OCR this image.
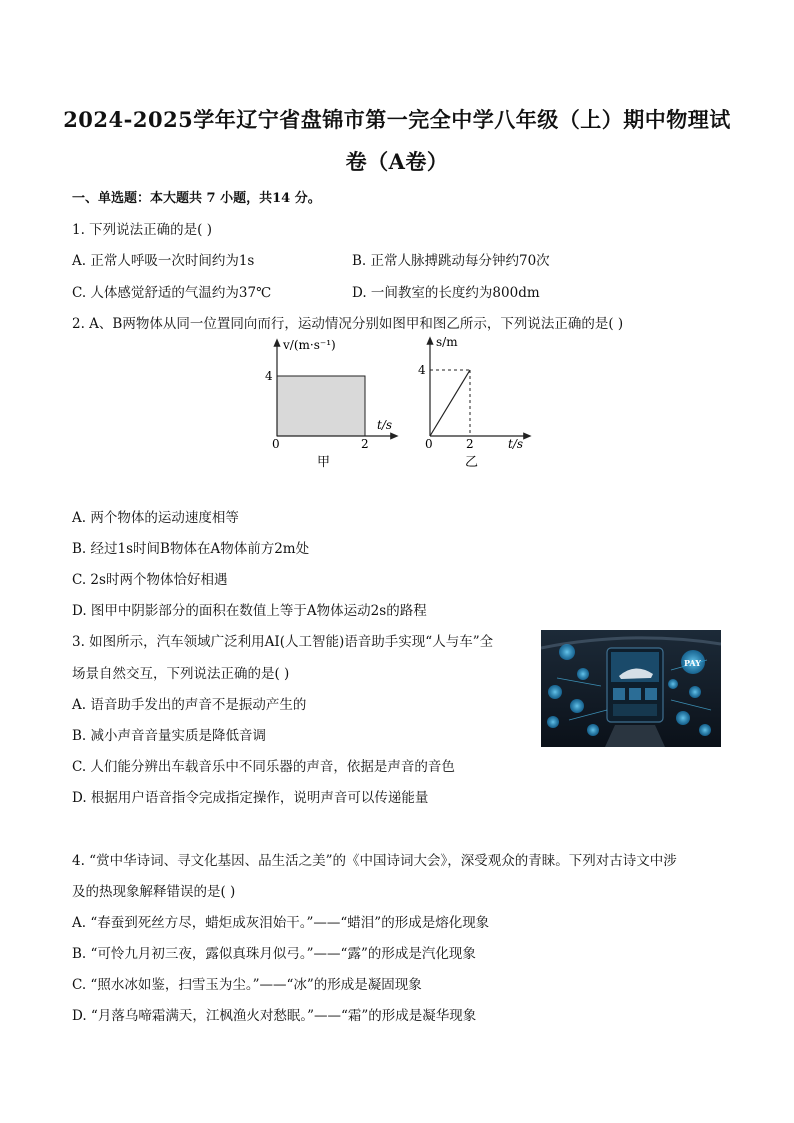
2024-2025学年辽宁省盘锦市第一完全中学八年级（上）期中物理试
卷（A卷）
一、单选题：本大题共 7 小题，共14 分。
1. 下列说法正确的是( )
A. 正常人呼吸一次时间约为1s	B. 正常人脉搏跳动每分钟约70次
C. 人体感觉舒适的气温约为37℃	D. 一间教室的长度约为800dm
2. A、B两物体从同一位置同向而行，运动情况分别如图甲和图乙所示，下列说法正确的是( )
v/(m·s⁻¹)
t/s
4
0	2
甲
s/m
t/s
4
0	2
乙
A. 两个物体的运动速度相等
B. 经过1s时间B物体在A物体前方2m处
C. 2s时两个物体恰好相遇
D. 图甲中阴影部分的面积在数值上等于A物体运动2s的路程
3. 如图所示，汽车领域广泛利用AI(人工智能)语音助手实现“人与车”全
场景自然交互，下列说法正确的是( )
A. 语音助手发出的声音不是振动产生的
B. 减小声音音量实质是降低音调
C. 人们能分辨出车载音乐中不同乐器的声音，依据是声音的音色
D. 根据用户语音指令完成指定操作，说明声音可以传递能量
PAY
4. “赏中华诗词、寻文化基因、品生活之美”的《中国诗词大会》，深受观众的青睐。下列对古诗文中涉
及的热现象解释错误的是( )
A. “春蚕到死丝方尽，蜡炬成灰泪始干。”——“蜡泪”的形成是熔化现象
B. “可怜九月初三夜，露似真珠月似弓。”——“露”的形成是汽化现象
C. “照水冰如鉴，扫雪玉为尘。”——“冰”的形成是凝固现象
D. “月落乌啼霜满天，江枫渔火对愁眠。”——“霜”的形成是凝华现象
